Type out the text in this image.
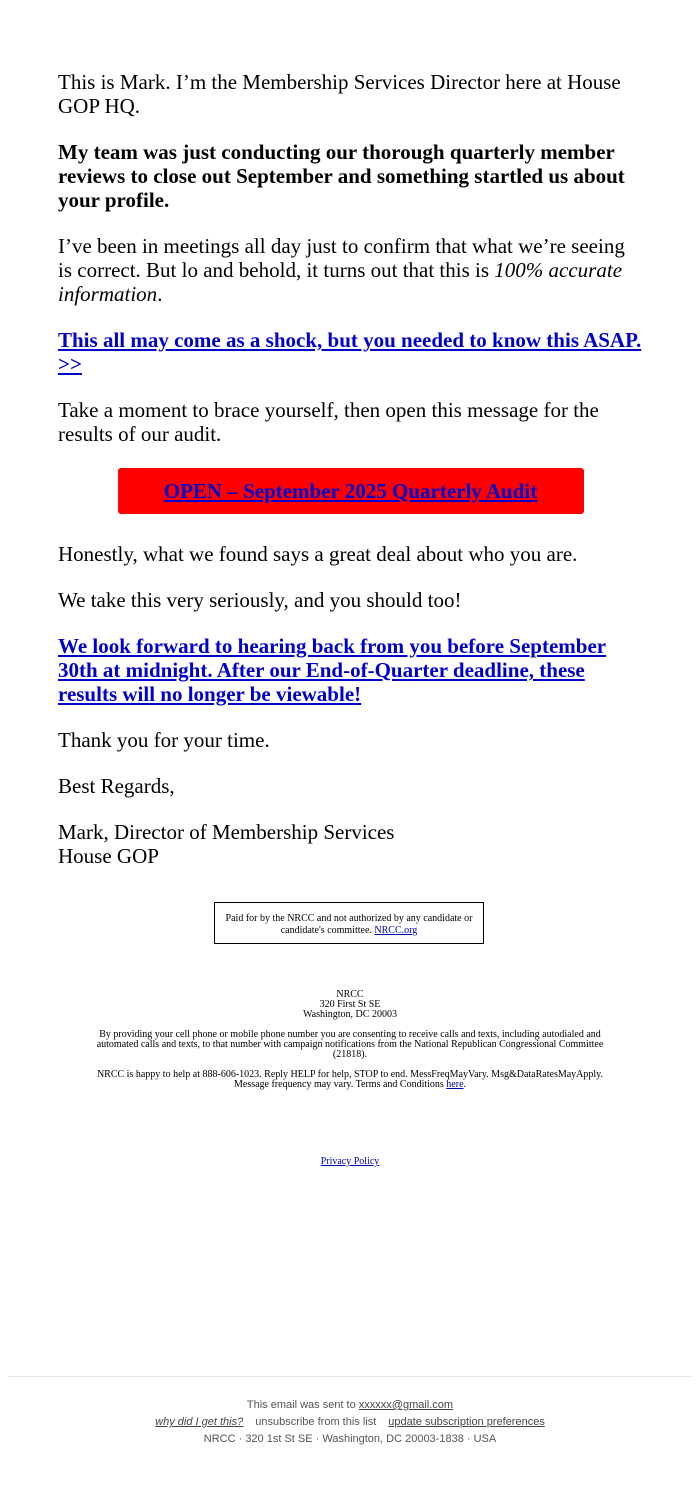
This is Mark. I’m the Membership Services Director here at House GOP HQ.

My team was just conducting our thorough quarterly member reviews to close out September and something startled us about your profile.

I’ve been in meetings all day just to confirm that what we’re seeing is correct. But lo and behold, it turns out that this is 100% accurate information.

This all may come as a shock, but you needed to know this ASAP. >>

Take a moment to brace yourself, then open this message for the results of our audit.

OPEN – September 2025 Quarterly Audit

Honestly, what we found says a great deal about who you are.

We take this very seriously, and you should too!

We look forward to hearing back from you before September 30th at midnight. After our End-of-Quarter deadline, these results will no longer be viewable!

Thank you for your time.

Best Regards,

Mark, Director of Membership Services
House GOP

Paid for by the NRCC and not authorized by any candidate or candidate's committee. NRCC.org
NRCC
320 First St SE
Washington, DC 20003
By providing your cell phone or mobile phone number you are consenting to receive calls and texts, including autodialed and automated calls and texts, to that number with campaign notifications from the National Republican Congressional Committee (21818).
NRCC is happy to help at 888-606-1023. Reply HELP for help, STOP to end. MessFreqMayVary. Msg&DataRatesMayApply. Message frequency may vary. Terms and Conditions here.
Privacy Policy
This email was sent to xxxxxx@gmail.com
why did I get this? unsubscribe from this list update subscription preferences
NRCC · 320 1st St SE · Washington, DC 20003-1838 · USA
